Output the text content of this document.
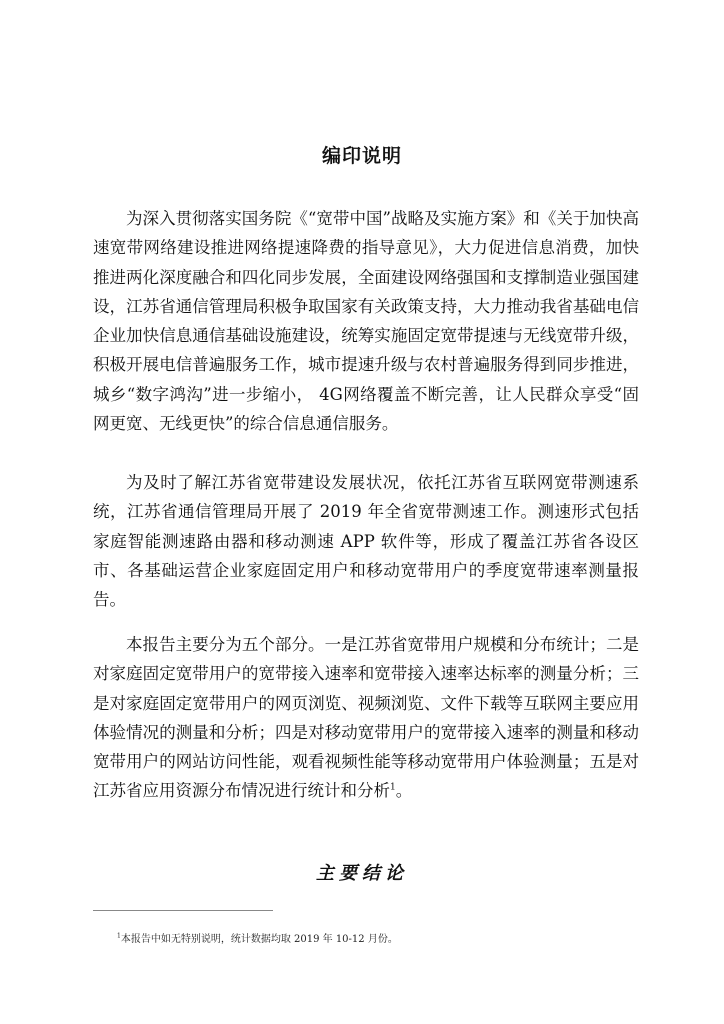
编印说明

为深入贯彻落实国务院《“宽带中国”战略及实施方案》和《关于加快高速宽带网络建设推进网络提速降费的指导意见》，大力促进信息消费，加快推进两化深度融合和四化同步发展，全面建设网络强国和支撑制造业强国建设，江苏省通信管理局积极争取国家有关政策支持，大力推动我省基础电信企业加快信息通信基础设施建设，统筹实施固定宽带提速与无线宽带升级，积极开展电信普遍服务工作，城市提速升级与农村普遍服务得到同步推进，城乡“数字鸿沟”进一步缩小， 4G网络覆盖不断完善，让人民群众享受“固网更宽、无线更快”的综合信息通信服务。

为及时了解江苏省宽带建设发展状况，依托江苏省互联网宽带测速系统，江苏省通信管理局开展了 2019 年全省宽带测速工作。测速形式包括家庭智能测速路由器和移动测速 APP 软件等，形成了覆盖江苏省各设区市、各基础运营企业家庭固定用户和移动宽带用户的季度宽带速率测量报告。

本报告主要分为五个部分。一是江苏省宽带用户规模和分布统计；二是对家庭固定宽带用户的宽带接入速率和宽带接入速率达标率的测量分析；三是对家庭固定宽带用户的网页浏览、视频浏览、文件下载等互联网主要应用体验情况的测量和分析；四是对移动宽带用户的宽带接入速率的测量和移动宽带用户的网站访问性能，观看视频性能等移动宽带用户体验测量；五是对江苏省应用资源分布情况进行统计和分析$^1$。

主要结论
$^1$本报告中如无特别说明，统计数据均取 2019 年 10-12 月份。
